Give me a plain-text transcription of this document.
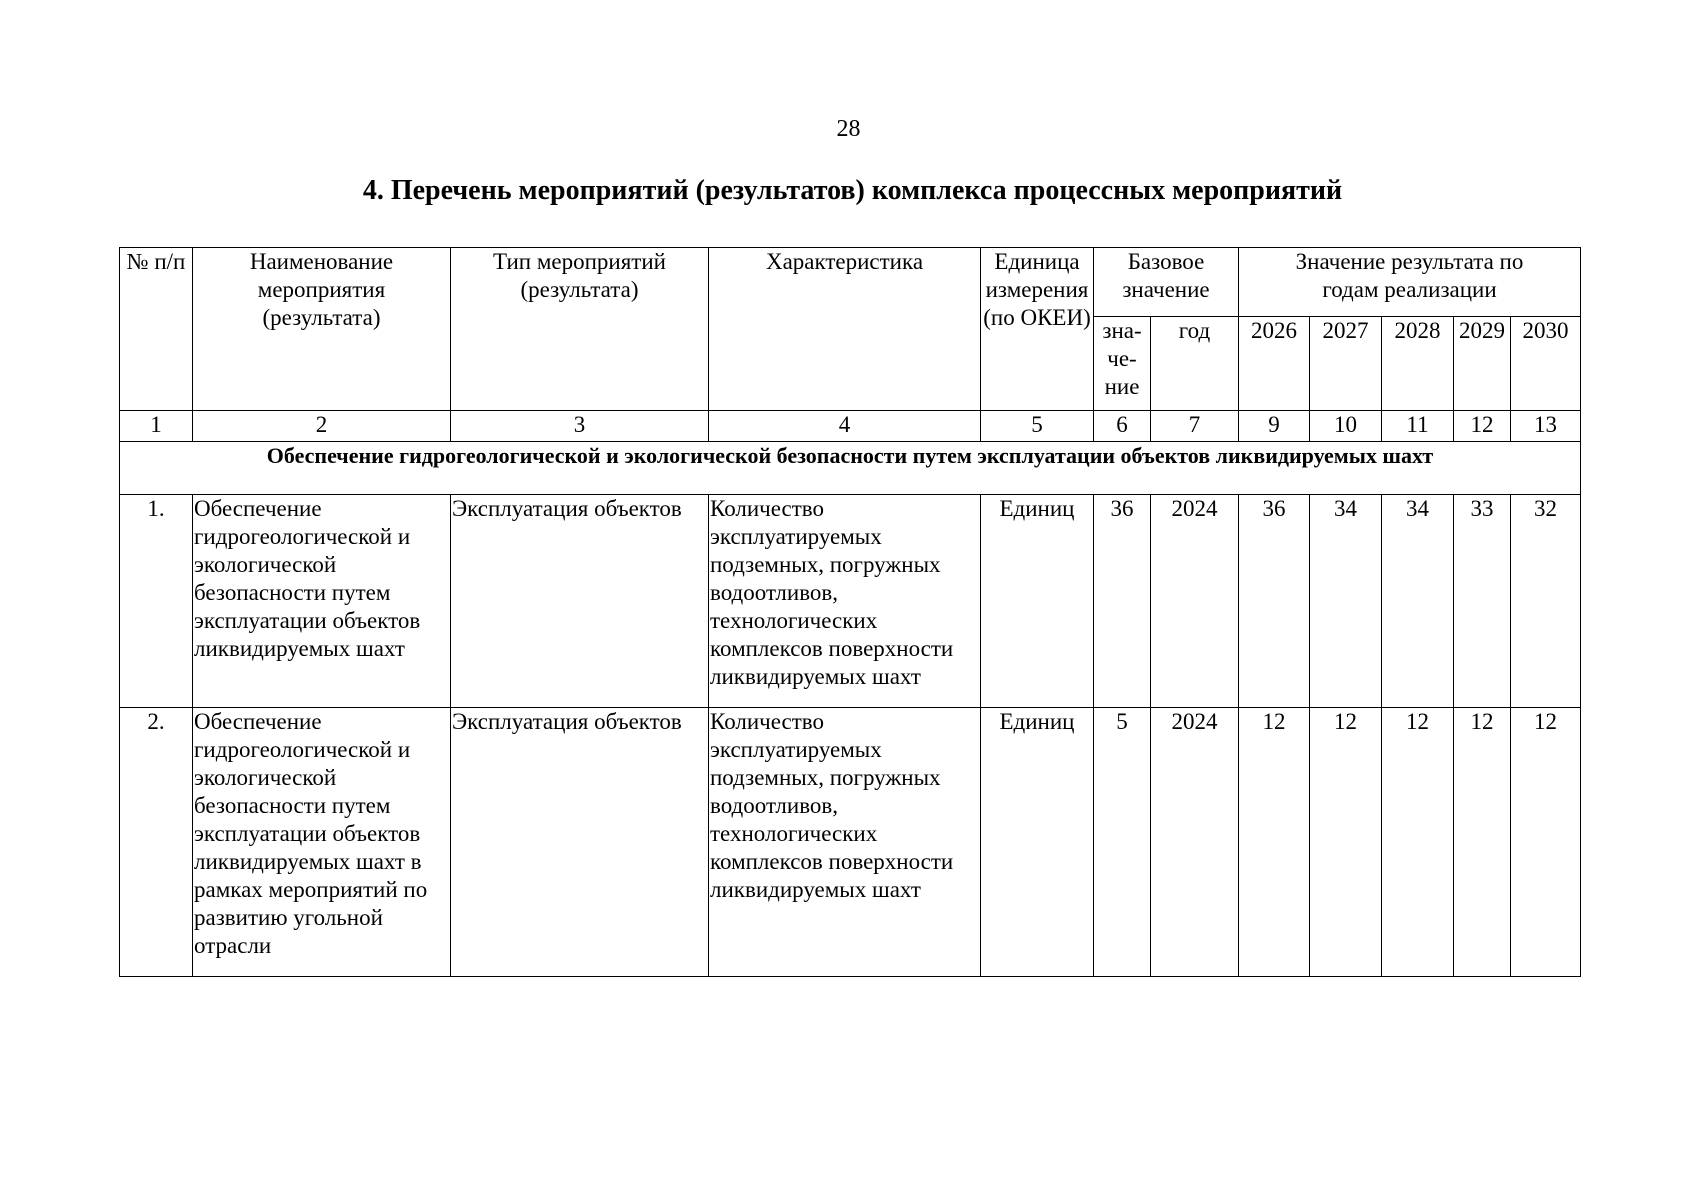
28
4. Перечень мероприятий (результатов) комплекса процессных мероприятий
№ п/п	Наименование мероприятия (результата)	Тип мероприятий (результата)	Характеристика	Единица измерения (по ОКЕИ)	Базовое значение		Значение результата по годам реализации				
					зна-че-ние	год	2026	2027	2028	2029	2030
1	2	3	4	5	6	7	9	10	11	12	13
Обеспечение гидрогеологической и экологической безопасности путем эксплуатации объектов ликвидируемых шахт											
1.	Обеспечение гидрогеологической и экологической безопасности путем эксплуатации объектов ликвидируемых шахт	Эксплуатация объектов	Количество эксплуатируемых подземных, погружных водоотливов, технологических комплексов поверхности ликвидируемых шахт	Единиц	36	2024	36	34	34	33	32
2.	Обеспечение гидрогеологической и экологической безопасности путем эксплуатации объектов ликвидируемых шахт в рамках мероприятий по развитию угольной отрасли	Эксплуатация объектов	Количество эксплуатируемых подземных, погружных водоотливов, технологических комплексов поверхности ликвидируемых шахт	Единиц	5	2024	12	12	12	12	12
